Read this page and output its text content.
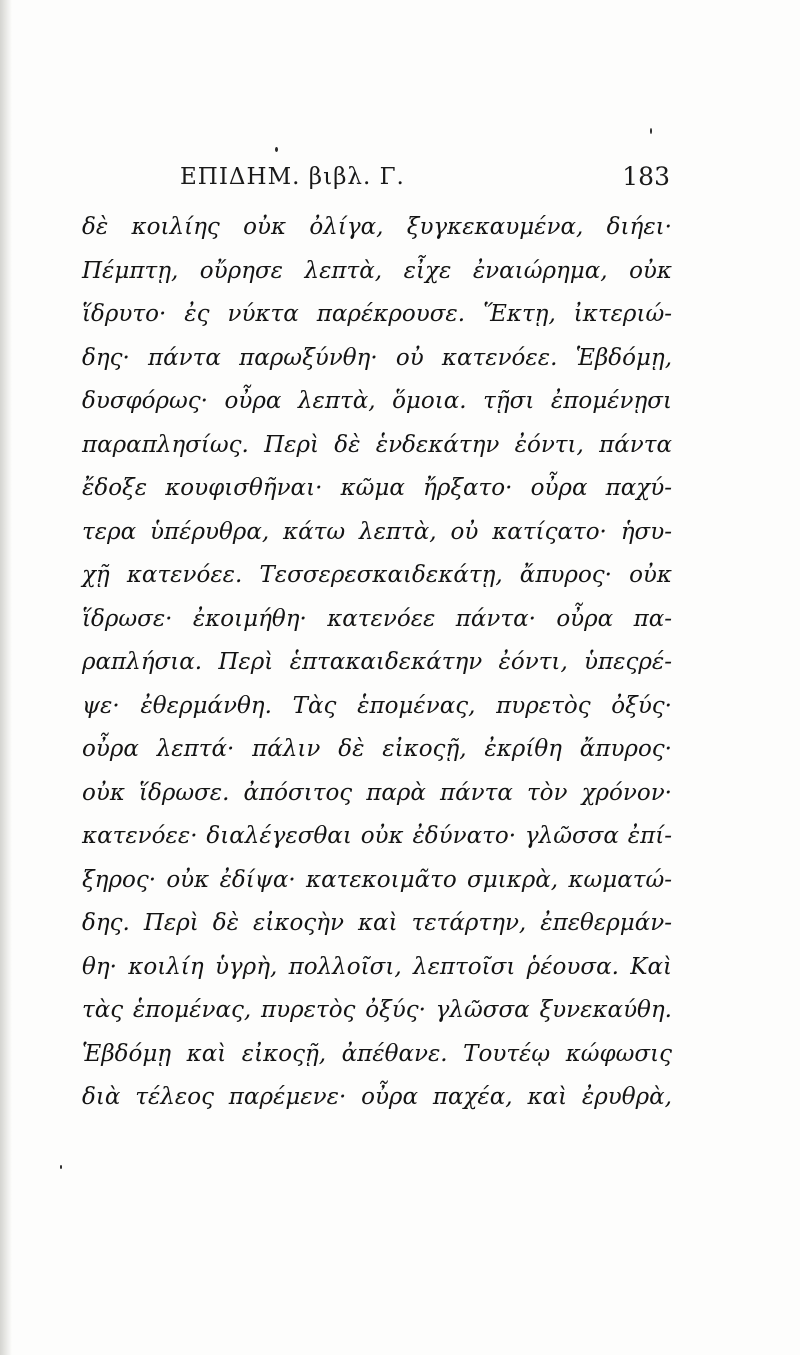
ΕΠΙΔΗΜ. βιβλ. Γ.	183
δὲ κοιλίης οὐκ ὀλίγα, ξυγκεκαυμένα, διήει·
Πέμπτῃ, οὔρησε λεπτὰ, εἶχε ἐναιώρημα, οὐκ
ἵδρυτο· ἐς νύκτα παρέκρουσε. Ἕκτῃ, ἰκτεριώ-
δης· πάντα παρωξύνθη· οὐ κατενόεε. Ἑβδόμῃ,
δυσφόρως· οὖρα λεπτὰ, ὅμοια. τῇσι ἐπομένῃσι
παραπλησίως. Περὶ δὲ ἑνδεκάτην ἐόντι, πάντα
ἔδοξε κουφισθῆναι· κῶμα ἤρξατο· οὖρα παχύ-
τερα ὑπέρυθρα, κάτω λεπτὰ, οὐ κατίςατο· ἡσυ-
χῇ κατενόεε. Τεσσερεσκαιδεκάτῃ, ἄπυρος· οὐκ
ἵδρωσε· ἐκοιμήθη· κατενόεε πάντα· οὖρα πα-
ραπλήσια. Περὶ ἑπτακαιδεκάτην ἐόντι, ὑπεςρέ-
ψε· ἐθερμάνθη. Τὰς ἑπομένας, πυρετὸς ὀξύς·
οὖρα λεπτά· πάλιν δὲ εἰκοςῇ, ἐκρίθη ἄπυρος·
οὐκ ἵδρωσε. ἀπόσιτος παρὰ πάντα τὸν χρόνον·
κατενόεε· διαλέγεσθαι οὐκ ἐδύνατο· γλῶσσα ἐπί-
ξηρος· οὐκ ἐδίψα· κατεκοιμᾶτο σμικρὰ, κωματώ-
δης. Περὶ δὲ εἰκοςὴν καὶ τετάρτην, ἐπεθερμάν-
θη· κοιλίη ὑγρὴ, πολλοῖσι, λεπτοῖσι ῥέουσα. Καὶ
τὰς ἑπομένας, πυρετὸς ὀξύς· γλῶσσα ξυνεκαύθη.
Ἑβδόμῃ καὶ εἰκοςῇ, ἀπέθανε. Τουτέῳ κώφωσις
διὰ τέλεος παρέμενε· οὖρα παχέα, καὶ ἐρυθρὰ,
